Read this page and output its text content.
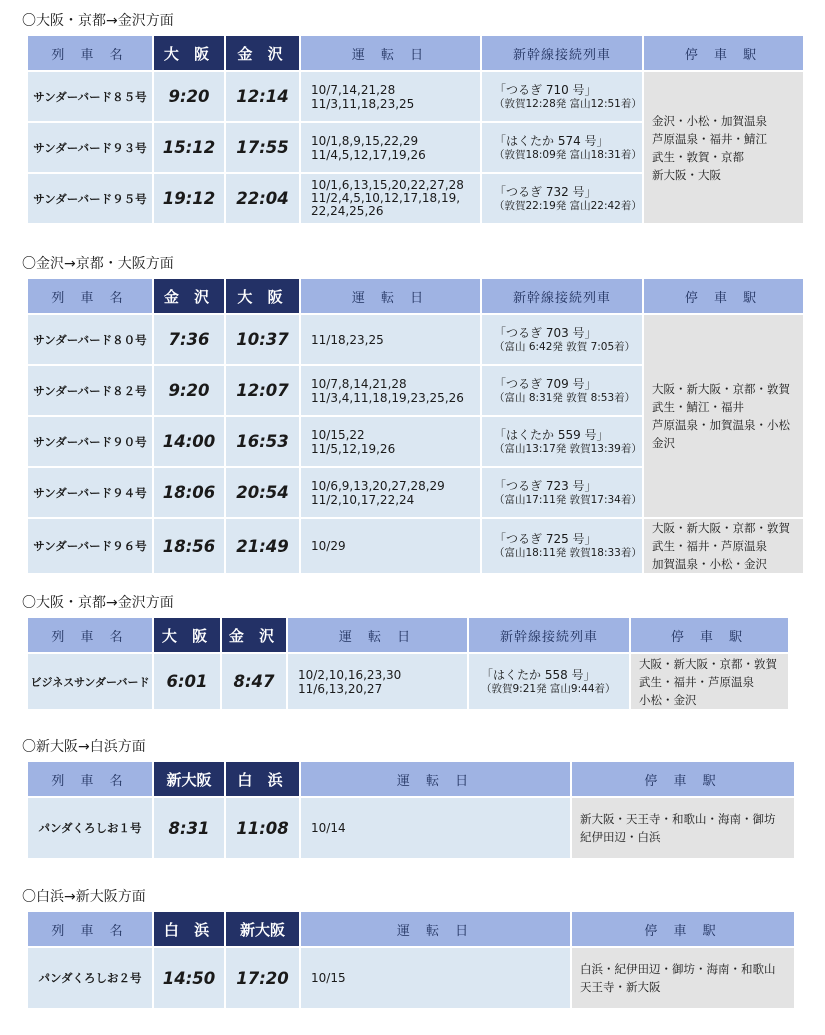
〇大阪・京都→金沢方面
列 車 名	大 阪	金 沢	運 転 日	新幹線接続列車	停 車 駅
サンダーバード８５号	9:20	12:14	10/7,14,21,28
11/3,11,18,23,25	「つるぎ 710 号」
（敦賀12:28発 富山12:51着）	金沢・小松・加賀温泉
芦原温泉・福井・鯖江
武生・敦賀・京都
新大阪・大阪

サンダーバード９３号	15:12	17:55	10/1,8,9,15,22,29
11/4,5,12,17,19,26	「はくたか 574 号」
（敦賀18:09発 富山18:31着）	

サンダーバード９５号	19:12	22:04	10/1,6,13,15,20,22,27,28
11/2,4,5,10,12,17,18,19,
22,24,25,26	「つるぎ 732 号」
（敦賀22:19発 富山22:42着）	
〇金沢→京都・大阪方面
列 車 名	金 沢	大 阪	運 転 日	新幹線接続列車	停 車 駅
サンダーバード８０号	7:36	10:37	11/18,23,25	「つるぎ 703 号」
（富山 6:42発 敦賀 7:05着）	大阪・新大阪・京都・敦賀
武生・鯖江・福井
芦原温泉・加賀温泉・小松
金沢

サンダーバード８２号	9:20	12:07	10/7,8,14,21,28
11/3,4,11,18,19,23,25,26	「つるぎ 709 号」
（富山 8:31発 敦賀 8:53着）	

サンダーバード９０号	14:00	16:53	10/15,22
11/5,12,19,26	「はくたか 559 号」
（富山13:17発 敦賀13:39着）	

サンダーバード９４号	18:06	20:54	10/6,9,13,20,27,28,29
11/2,10,17,22,24	「つるぎ 723 号」
（富山17:11発 敦賀17:34着）	

サンダーバード９６号	18:56	21:49	10/29	「つるぎ 725 号」
（富山18:11発 敦賀18:33着）	大阪・新大阪・京都・敦賀
武生・福井・芦原温泉
加賀温泉・小松・金沢
〇大阪・京都→金沢方面
列 車 名	大 阪	金 沢	運 転 日	新幹線接続列車	停 車 駅
ビジネスサンダーバード	6:01	8:47	10/2,10,16,23,30
11/6,13,20,27	「はくたか 558 号」
（敦賀9:21発 富山9:44着）	大阪・新大阪・京都・敦賀
武生・福井・芦原温泉
小松・金沢
〇新大阪→白浜方面
列 車 名	新大阪	白 浜	運 転 日	停 車 駅
パンダくろしお１号	8:31	11:08	10/14	新大阪・天王寺・和歌山・海南・御坊
紀伊田辺・白浜
〇白浜→新大阪方面
列 車 名	白 浜	新大阪	運 転 日	停 車 駅
パンダくろしお２号	14:50	17:20	10/15	白浜・紀伊田辺・御坊・海南・和歌山
天王寺・新大阪
